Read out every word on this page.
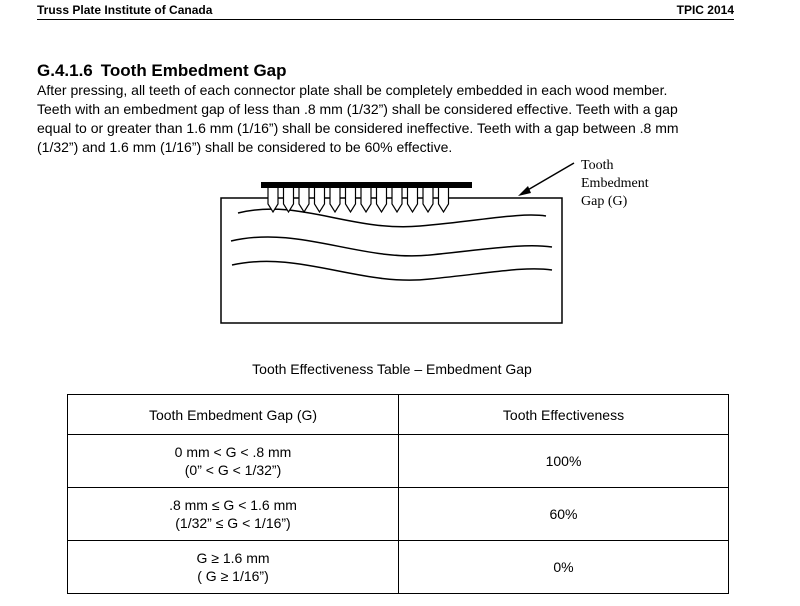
Truss Plate Institute of Canada	TPIC 2014
G.4.1.6 Tooth Embedment Gap

After pressing, all teeth of each connector plate shall be completely embedded in each wood member.

Teeth with an embedment gap of less than .8 mm (1/32”) shall be considered effective. Teeth with a gap

equal to or greater than 1.6 mm (1/16”) shall be considered ineffective. Teeth with a gap between .8 mm

(1/32”) and 1.6 mm (1/16”) shall be considered to be 60% effective.

Tooth
Embedment
Gap (G)
Tooth Effectiveness Table – Embedment Gap
Tooth Embedment Gap (G)	Tooth Effectiveness

0 mm < G < .8 mm
(0” < G < 1/32”)	100%

.8 mm ≤ G < 1.6 mm
(1/32” ≤ G < 1/16”)	60%

G ≥ 1.6 mm
( G ≥ 1/16”)	0%
